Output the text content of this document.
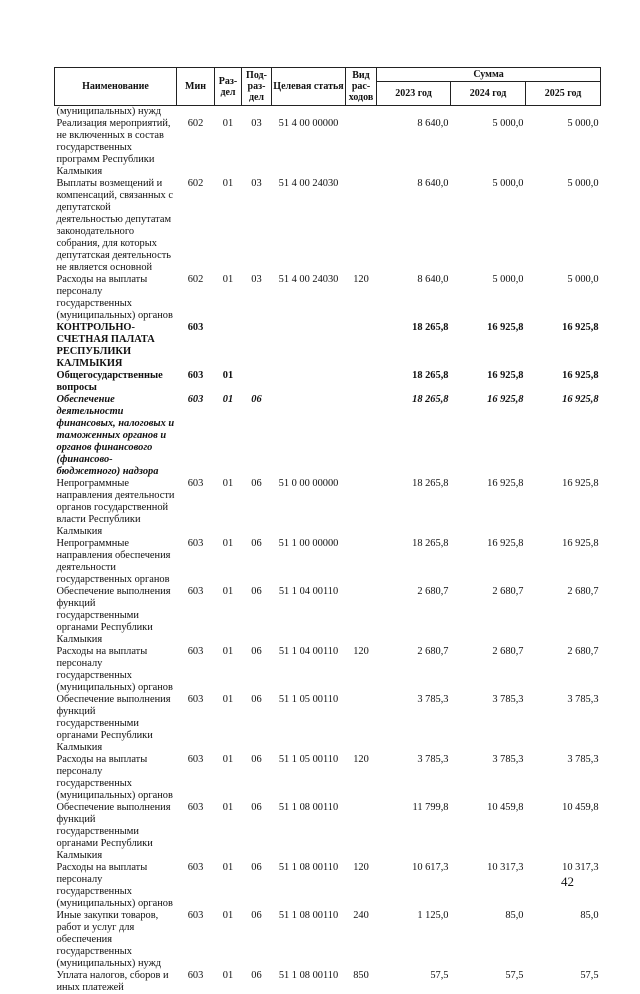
Наименование	Мин	Раз-дел	Под-раз-дел	Целевая статья	Вид рас-ходов	Сумма		
						2023 год	2024 год	2025 год
(муниципальных) нужд								
Реализация мероприятий, не включенных в состав государственных программ Республики Калмыкия	602	01	03	51 4 00 00000		8 640,0	5 000,0	5 000,0
Выплаты возмещений и компенсаций, связанных с депутатской деятельностью депутатам законодательного собрания, для которых депутатская деятельность не является основной	602	01	03	51 4 00 24030		8 640,0	5 000,0	5 000,0
Расходы на выплаты персоналу государственных (муниципальных) органов	602	01	03	51 4 00 24030	120	8 640,0	5 000,0	5 000,0
КОНТРОЛЬНО-СЧЕТНАЯ ПАЛАТА РЕСПУБЛИКИ КАЛМЫКИЯ	603					18 265,8	16 925,8	16 925,8
Общегосударственные вопросы	603	01				18 265,8	16 925,8	16 925,8
Обеспечение деятельности финансовых, налоговых и таможенных органов и органов финансового (финансово-бюджетного) надзора	603	01	06			18 265,8	16 925,8	16 925,8
Непрограммные направления деятельности органов государственной власти Республики Калмыкия	603	01	06	51 0 00 00000		18 265,8	16 925,8	16 925,8
Непрограммные направления обеспечения деятельности государственных органов	603	01	06	51 1 00 00000		18 265,8	16 925,8	16 925,8
Обеспечение выполнения функций государственными органами Республики Калмыкия	603	01	06	51 1 04 00110		2 680,7	2 680,7	2 680,7
Расходы на выплаты персоналу государственных (муниципальных) органов	603	01	06	51 1 04 00110	120	2 680,7	2 680,7	2 680,7
Обеспечение выполнения функций государственными органами Республики Калмыкия	603	01	06	51 1 05 00110		3 785,3	3 785,3	3 785,3
Расходы на выплаты персоналу государственных (муниципальных) органов	603	01	06	51 1 05 00110	120	3 785,3	3 785,3	3 785,3
Обеспечение выполнения функций государственными органами Республики Калмыкия	603	01	06	51 1 08 00110		11 799,8	10 459,8	10 459,8
Расходы на выплаты персоналу государственных (муниципальных) органов	603	01	06	51 1 08 00110	120	10 617,3	10 317,3	10 317,3
Иные закупки товаров, работ и услуг для обеспечения государственных (муниципальных) нужд	603	01	06	51 1 08 00110	240	1 125,0	85,0	85,0
Уплата налогов, сборов и иных платежей	603	01	06	51 1 08 00110	850	57,5	57,5	57,5
42
